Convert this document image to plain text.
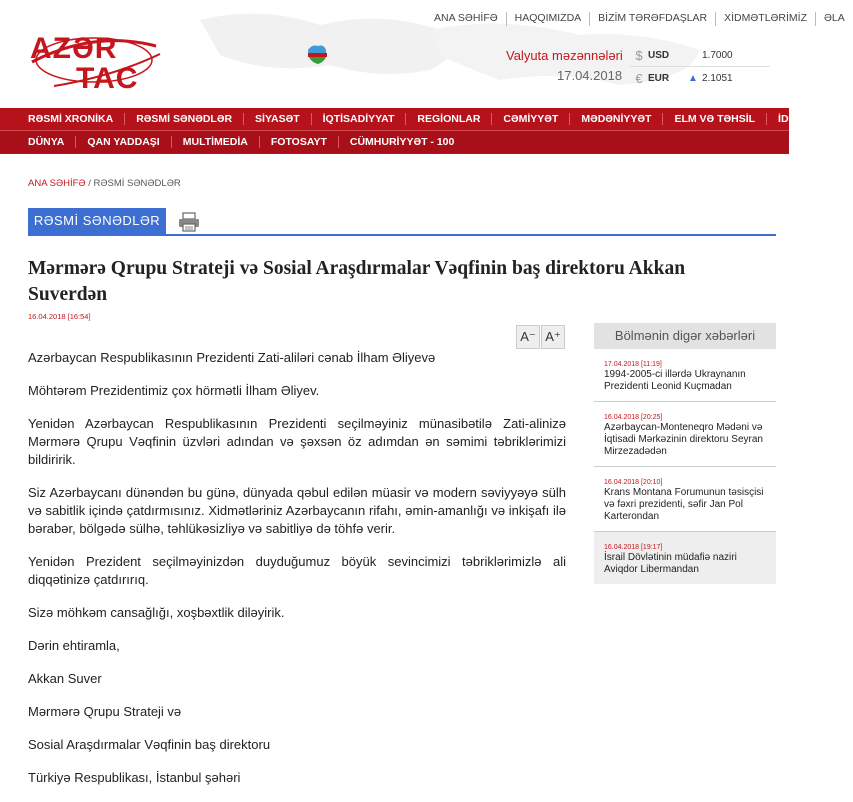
AZƏR
TAC
ANA SƏHİFƏ	HAQQIMIZDA	BİZİM TƏRƏFDAŞLAR	XİDMƏTLƏRİMİZ	ƏLA
Valyuta məzənnələri
17.04.2018
$ USD	1.7000
€ EUR	▲ 2.1051
RƏSMİ XRONİKA	RƏSMİ SƏNƏDLƏR	SİYASƏT	İQTİSADİYYAT	REGİONLAR	CƏMİYYƏT	MƏDƏNİYYƏT	ELM VƏ TƏHSİL	İDMAN
DÜNYA	QAN YADDAŞI	MULTİMEDİA	FOTOSAYT	CÜMHURİYYƏT - 100
ANA SƏHİFƏ / RƏSMİ SƏNƏDLƏR
RƏSMİ SƏNƏDLƏR
Mərmərə Qrupu Strateji və Sosial Araşdırmalar Vəqfinin baş direktoru Akkan Suverdən
16.04.2018 [16:54]
A⁻ A⁺

Azərbaycan Respublikasının Prezidenti Zati-aliləri cənab İlham Əliyevə

Möhtərəm Prezidentimiz çox hörmətli İlham Əliyev.

Yenidən Azərbaycan Respublikasının Prezidenti seçilməyiniz münasibətilə Zati-alinizə Mərmərə Qrupu Vəqfinin üzvləri adından və şəxsən öz adımdan ən səmimi təbriklərimizi bildiririk.

Siz Azərbaycanı dünəndən bu günə, dünyada qəbul edilən müasir və modern səviyyəyə sülh və sabitlik içində çatdırmısınız. Xidmətləriniz Azərbaycanın rifahı, əmin-amanlığı və inkişafı ilə bərabər, bölgədə sülhə, təhlükəsizliyə və sabitliyə də töhfə verir.

Yenidən Prezident seçilməyinizdən duyduğumuz böyük sevincimizi təbriklərimizlə ali diqqətinizə çatdırırıq.

Sizə möhkəm cansağlığı, xoşbəxtlik diləyirik.

Dərin ehtiramla,

Akkan Suver

Mərmərə Qrupu Strateji və

Sosial Araşdırmalar Vəqfinin baş direktoru

Türkiyə Respublikası, İstanbul şəhəri

Bölmənin digər xəbərləri
17.04.2018 [11:19]
1994-2005-ci illərdə Ukraynanın Prezidenti Leonid Kuçmadan
16.04.2018 [20:25]
Azərbaycan-Monteneqro Mədəni və İqtisadi Mərkəzinin direktoru Seyran Mirzezadədən
16.04.2018 [20:10]
Krans Montana Forumunun təsisçisi və fəxri prezidenti, səfir Jan Pol Karterondan
16.04.2018 [19:17]
İsrail Dövlətinin müdafiə naziri Aviqdor Libermandan
